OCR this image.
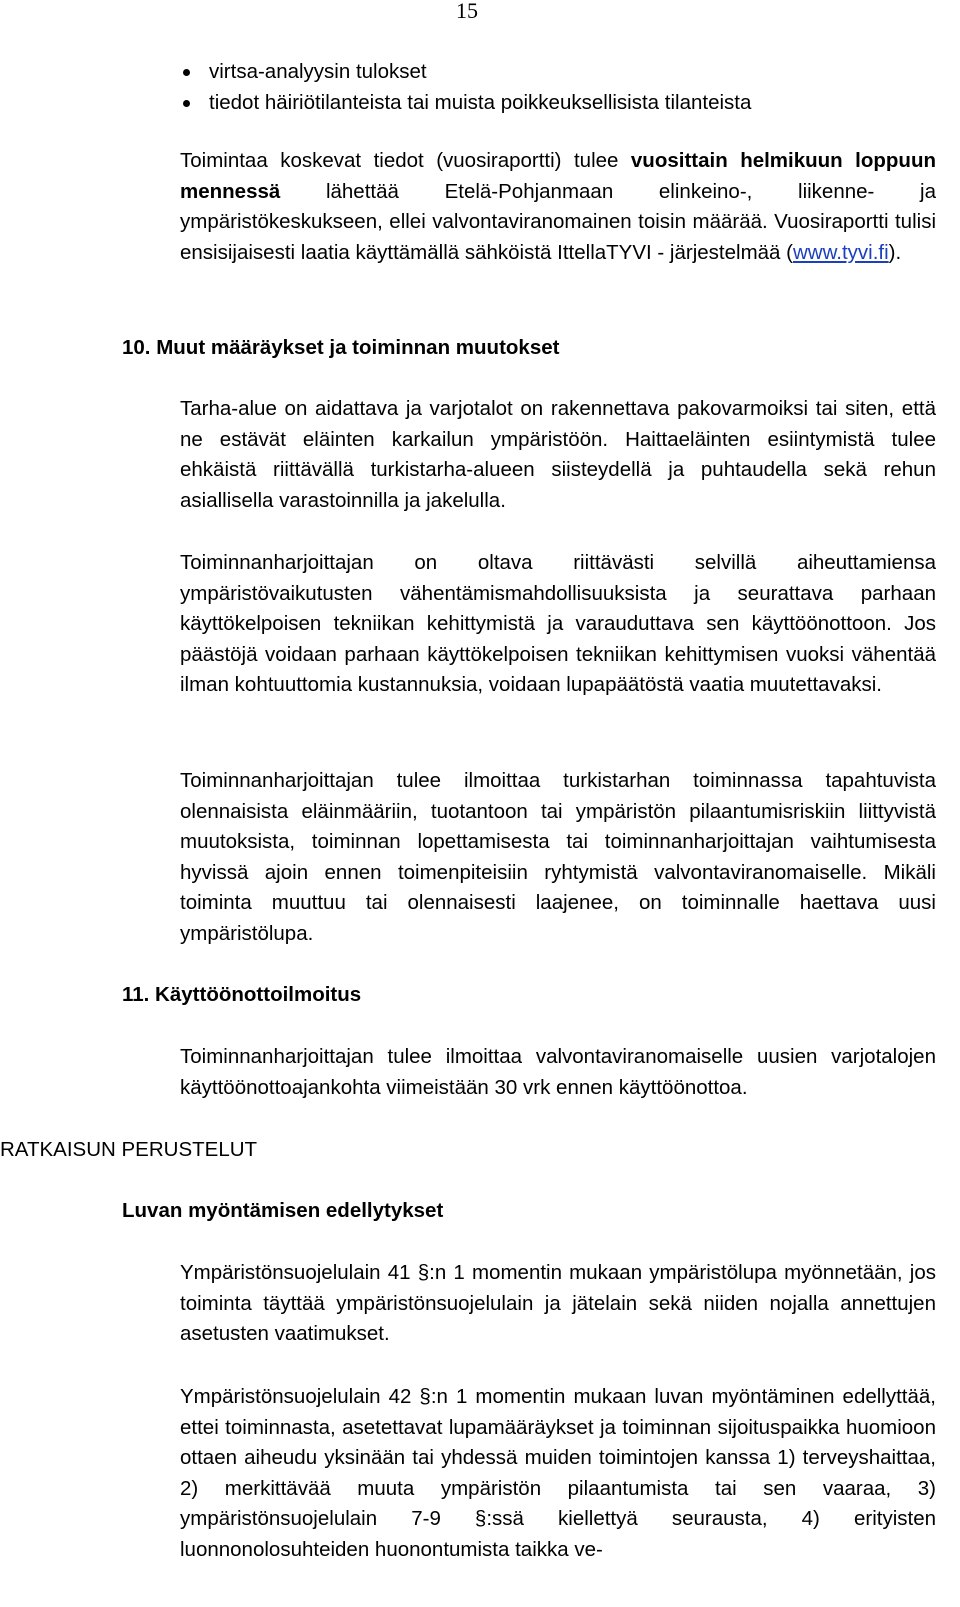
15
virtsa-analyysin tulokset
tiedot häiriötilanteista tai muista poikkeuksellisista tilanteista

Toimintaa koskevat tiedot (vuosiraportti) tulee vuosittain helmikuun loppuun mennessä lähettää Etelä-Pohjanmaan elinkeino-, liikenne- ja ympäristökeskukseen, ellei valvontaviranomainen toisin määrää. Vuosiraportti tulisi ensisijaisesti laatia käyttämällä sähköistä IttellaTYVI - järjestelmää (www.tyvi.fi).

10. Muut määräykset ja toiminnan muutokset

Tarha-alue on aidattava ja varjotalot on rakennettava pakovarmoiksi tai siten, että ne estävät eläinten karkailun ympäristöön. Haittaeläinten esiintymistä tulee ehkäistä riittävällä turkistarha-alueen siisteydellä ja puhtaudella sekä rehun asiallisella varastoinnilla ja jakelulla.

Toiminnanharjoittajan on oltava riittävästi selvillä aiheuttamiensa ympäristövaikutusten vähentämismahdollisuuksista ja seurattava parhaan käyttökelpoisen tekniikan kehittymistä ja varauduttava sen käyttöönottoon. Jos päästöjä voidaan parhaan käyttökelpoisen tekniikan kehittymisen vuoksi vähentää ilman kohtuuttomia kustannuksia, voidaan lupapäätöstä vaatia muutettavaksi.

Toiminnanharjoittajan tulee ilmoittaa turkistarhan toiminnassa tapahtuvista olennaisista eläinmääriin, tuotantoon tai ympäristön pilaantumisriskiin liittyvistä muutoksista, toiminnan lopettamisesta tai toiminnanharjoittajan vaihtumisesta hyvissä ajoin ennen toimenpiteisiin ryhtymistä valvontaviranomaiselle. Mikäli toiminta muuttuu tai olennaisesti laajenee, on toiminnalle haettava uusi ympäristölupa.

11. Käyttöönottoilmoitus

Toiminnanharjoittajan tulee ilmoittaa valvontaviranomaiselle uusien varjotalojen käyttöönottoajankohta viimeistään 30 vrk ennen käyttöönottoa.

RATKAISUN PERUSTELUT
Luvan myöntämisen edellytykset

Ympäristönsuojelulain 41 §:n 1 momentin mukaan ympäristölupa myönnetään, jos toiminta täyttää ympäristönsuojelulain ja jätelain sekä niiden nojalla annettujen asetusten vaatimukset.

Ympäristönsuojelulain 42 §:n 1 momentin mukaan luvan myöntäminen edellyttää, ettei toiminnasta, asetettavat lupamääräykset ja toiminnan sijoituspaikka huomioon ottaen aiheudu yksinään tai yhdessä muiden toimintojen kanssa 1) terveyshaittaa, 2) merkittävää muuta ympäristön pilaantumista tai sen vaaraa, 3) ympäristönsuojelulain 7-9 §:ssä kiellettyä seurausta, 4) erityisten luonnonolosuhteiden huonontumista taikka ve-
